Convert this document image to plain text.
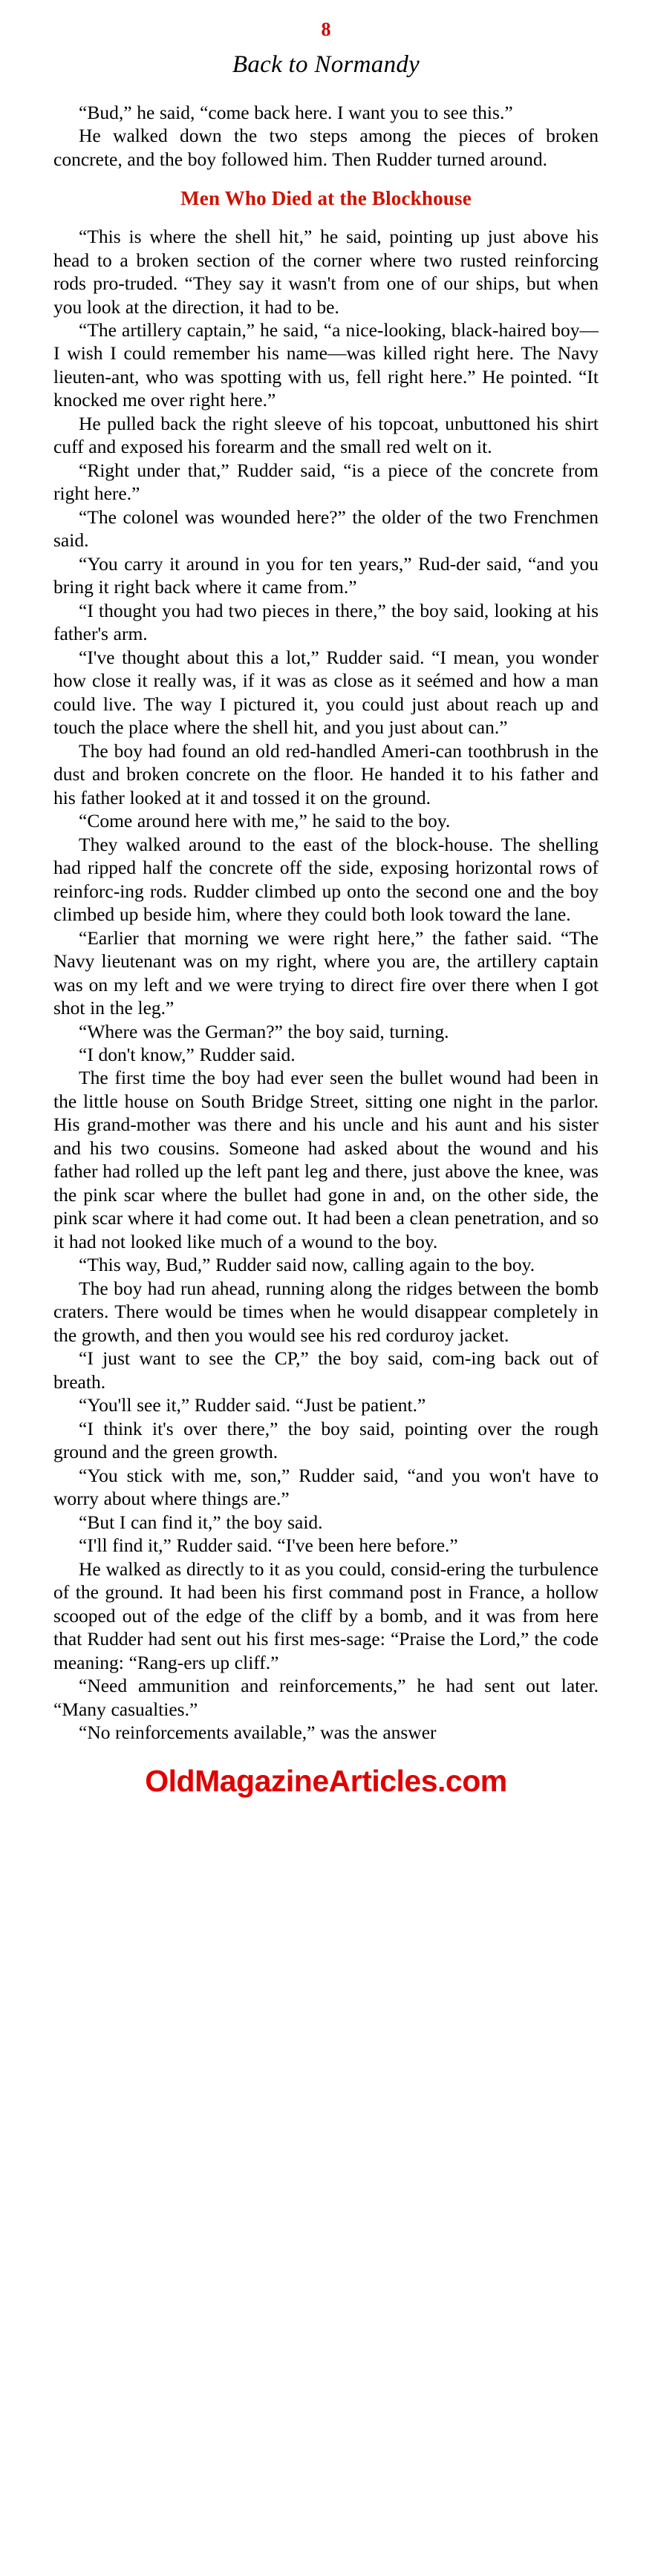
8
Back to Normandy

“Bud,” he said, “come back here. I want you to see this.”

He walked down the two steps among the pieces of broken concrete, and the boy followed him. Then Rudder turned around.

Men Who Died at the Blockhouse

“This is where the shell hit,” he said, pointing up just above his head to a broken section of the corner where two rusted reinforcing rods pro-truded. “They say it wasn't from one of our ships, but when you look at the direction, it had to be.

“The artillery captain,” he said, “a nice-looking, black-haired boy—I wish I could remember his name—was killed right here. The Navy lieuten-ant, who was spotting with us, fell right here.” He pointed. “It knocked me over right here.”

He pulled back the right sleeve of his topcoat, unbuttoned his shirt cuff and exposed his forearm and the small red welt on it.

“Right under that,” Rudder said, “is a piece of the concrete from right here.”

“The colonel was wounded here?” the older of the two Frenchmen said.

“You carry it around in you for ten years,” Rud-der said, “and you bring it right back where it came from.”

“I thought you had two pieces in there,” the boy said, looking at his father's arm.

“I've thought about this a lot,” Rudder said. “I mean, you wonder how close it really was, if it was as close as it seémed and how a man could live. The way I pictured it, you could just about reach up and touch the place where the shell hit, and you just about can.”

The boy had found an old red-handled Ameri-can toothbrush in the dust and broken concrete on the floor. He handed it to his father and his father looked at it and tossed it on the ground.

“Come around here with me,” he said to the boy.

They walked around to the east of the block-house. The shelling had ripped half the concrete off the side, exposing horizontal rows of reinforc-ing rods. Rudder climbed up onto the second one and the boy climbed up beside him, where they could both look toward the lane.

“Earlier that morning we were right here,” the father said. “The Navy lieutenant was on my right, where you are, the artillery captain was on my left and we were trying to direct fire over there when I got shot in the leg.”

“Where was the German?” the boy said, turning.

“I don't know,” Rudder said.

The first time the boy had ever seen the bullet wound had been in the little house on South Bridge Street, sitting one night in the parlor. His grand-mother was there and his uncle and his aunt and his sister and his two cousins. Someone had asked about the wound and his father had rolled up the left pant leg and there, just above the knee, was the pink scar where the bullet had gone in and, on the other side, the pink scar where it had come out. It had been a clean penetration, and so it had not looked like much of a wound to the boy.

“This way, Bud,” Rudder said now, calling again to the boy.

The boy had run ahead, running along the ridges between the bomb craters. There would be times when he would disappear completely in the growth, and then you would see his red corduroy jacket.

“I just want to see the CP,” the boy said, com-ing back out of breath.

“You'll see it,” Rudder said. “Just be patient.”

“I think it's over there,” the boy said, pointing over the rough ground and the green growth.

“You stick with me, son,” Rudder said, “and you won't have to worry about where things are.”

“But I can find it,” the boy said.

“I'll find it,” Rudder said. “I've been here before.”

He walked as directly to it as you could, consid-ering the turbulence of the ground. It had been his first command post in France, a hollow scooped out of the edge of the cliff by a bomb, and it was from here that Rudder had sent out his first mes-sage: “Praise the Lord,” the code meaning: “Rang-ers up cliff.”

“Need ammunition and reinforcements,” he had sent out later. “Many casualties.”

“No reinforcements available,” was the answer

OldMagazineArticles.com
